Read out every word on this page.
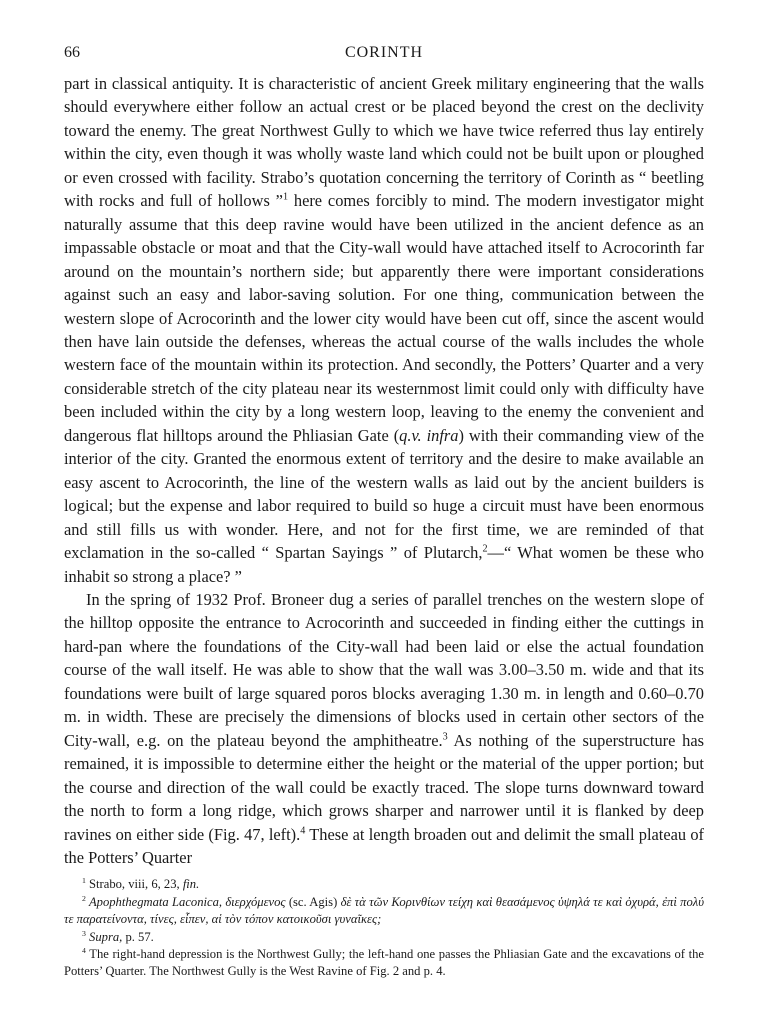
66	CORINTH

part in classical antiquity. It is characteristic of ancient Greek military engineering that the walls should everywhere either follow an actual crest or be placed beyond the crest on the declivity toward the enemy. The great Northwest Gully to which we have twice referred thus lay entirely within the city, even though it was wholly waste land which could not be built upon or ploughed or even crossed with facility. Strabo’s quotation concerning the territory of Corinth as “ beetling with rocks and full of hollows ”$^1$ here comes forcibly to mind. The modern investigator might naturally assume that this deep ravine would have been utilized in the ancient defence as an impassable obstacle or moat and that the City-wall would have attached itself to Acrocorinth far around on the mountain’s northern side; but apparently there were important considerations against such an easy and labor-saving solution. For one thing, communication between the western slope of Acrocorinth and the lower city would have been cut off, since the ascent would then have lain outside the defenses, whereas the actual course of the walls includes the whole western face of the mountain within its protection. And secondly, the Potters’ Quarter and a very considerable stretch of the city plateau near its westernmost limit could only with difficulty have been included within the city by a long western loop, leaving to the enemy the convenient and dangerous flat hilltops around the Phliasian Gate (q.v. infra) with their commanding view of the interior of the city. Granted the enormous extent of territory and the desire to make available an easy ascent to Acrocorinth, the line of the western walls as laid out by the ancient builders is logical; but the expense and labor required to build so huge a circuit must have been enormous and still fills us with wonder. Here, and not for the first time, we are reminded of that exclamation in the so-called “ Spartan Sayings ” of Plutarch,$^2$—“ What women be these who inhabit so strong a place? ”

In the spring of 1932 Prof. Broneer dug a series of parallel trenches on the western slope of the hilltop opposite the entrance to Acrocorinth and succeeded in finding either the cuttings in hard-pan where the foundations of the City-wall had been laid or else the actual foundation course of the wall itself. He was able to show that the wall was 3.00–3.50 m. wide and that its foundations were built of large squared poros blocks averaging 1.30 m. in length and 0.60–0.70 m. in width. These are precisely the dimensions of blocks used in certain other sectors of the City-wall, e.g. on the plateau beyond the amphitheatre.$^3$ As nothing of the superstructure has remained, it is impossible to determine either the height or the material of the upper portion; but the course and direction of the wall could be exactly traced. The slope turns downward toward the north to form a long ridge, which grows sharper and narrower until it is flanked by deep ravines on either side (Fig. 47, left).$^4$ These at length broaden out and delimit the small plateau of the Potters’ Quarter

$^1$ Strabo, viii, 6, 23, fin.

$^2$ Apophthegmata Laconica, διερχόμενος (sc. Agis) δὲ τὰ τῶν Κορινθίων τείχη καὶ θεασάμενος ὑψηλά τε καὶ ὀχυρά, ἐπὶ πολύ τε παρατείνοντα, τίνες, εἶπεν, αἱ τὸν τόπον κατοικοῦσι γυναῖκες;

$^3$ Supra, p. 57.

$^4$ The right-hand depression is the Northwest Gully; the left-hand one passes the Phliasian Gate and the excavations of the Potters’ Quarter. The Northwest Gully is the West Ravine of Fig. 2 and p. 4.
